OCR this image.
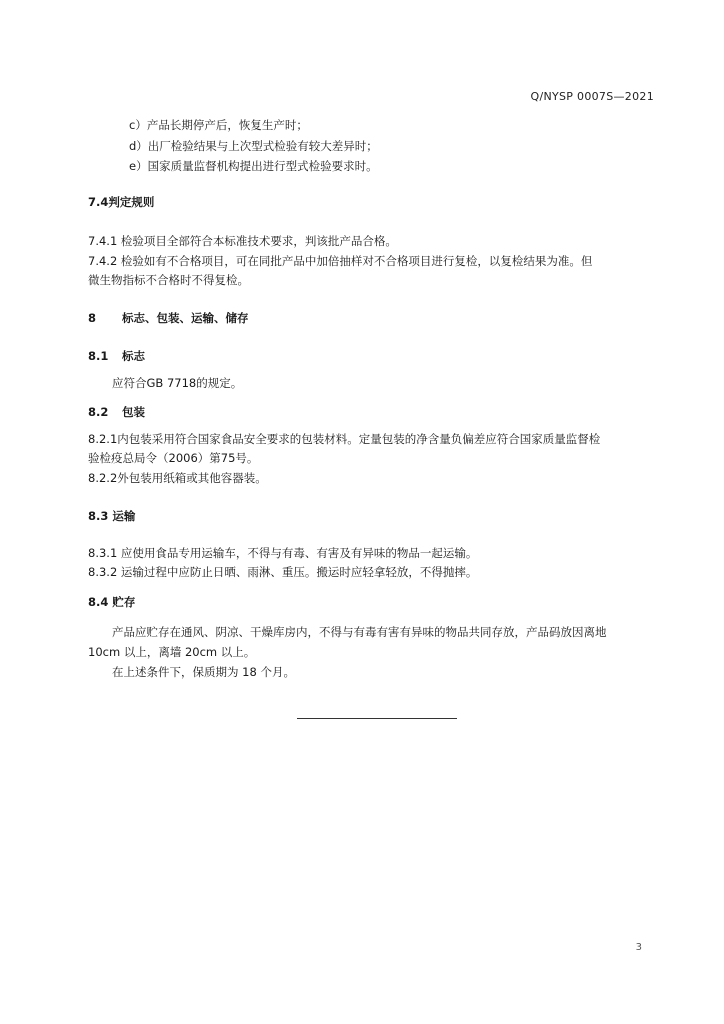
Q/NYSP 0007S—2021
c）产品长期停产后，恢复生产时；
d）出厂检验结果与上次型式检验有较大差异时；
e）国家质量监督机构提出进行型式检验要求时。
7.4判定规则
7.4.1 检验项目全部符合本标准技术要求，判该批产品合格。
7.4.2 检验如有不合格项目，可在同批产品中加倍抽样对不合格项目进行复检，以复检结果为准。但
微生物指标不合格时不得复检。
8 标志、包装、运输、储存
8.1 标志
应符合GB 7718的规定。
8.2 包装
8.2.1内包装采用符合国家食品安全要求的包装材料。定量包装的净含量负偏差应符合国家质量监督检
验检疫总局令（2006）第75号。
8.2.2外包装用纸箱或其他容器装。
8.3 运输
8.3.1 应使用食品专用运输车，不得与有毒、有害及有异味的物品一起运输。
8.3.2 运输过程中应防止日晒、雨淋、重压。搬运时应轻拿轻放，不得抛摔。
8.4 贮存
产品应贮存在通风、阴凉、干燥库房内，不得与有毒有害有异味的物品共同存放，产品码放因离地
10cm 以上，离墙 20cm 以上。
在上述条件下，保质期为 18 个月。
3
